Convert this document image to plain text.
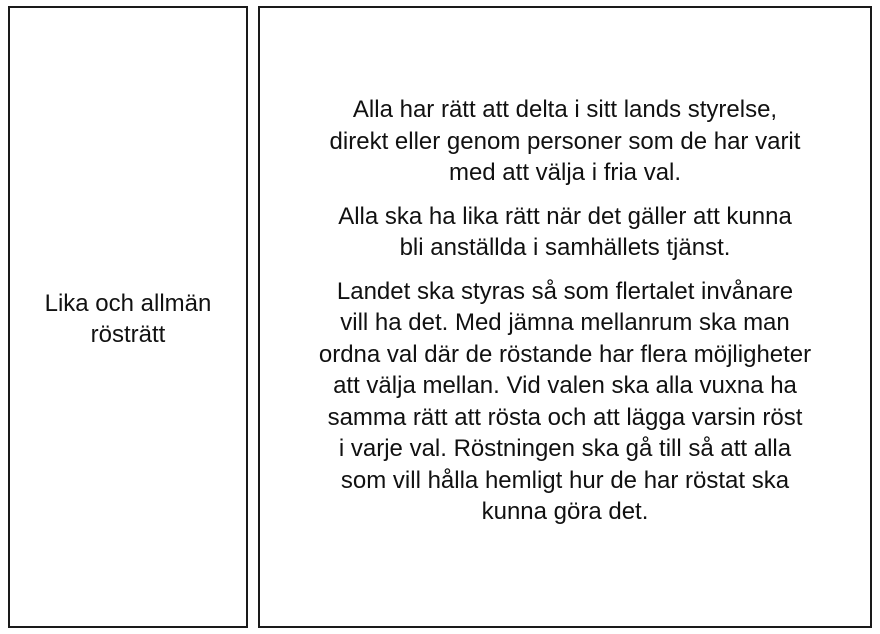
Lika och allmän
rösträtt

Alla har rätt att delta i sitt lands styrelse,
direkt eller genom personer som de har varit
med att välja i fria val.

Alla ska ha lika rätt när det gäller att kunna
bli anställda i samhällets tjänst.

Landet ska styras så som flertalet invånare
vill ha det. Med jämna mellanrum ska man
ordna val där de röstande har flera möjligheter
att välja mellan. Vid valen ska alla vuxna ha
samma rätt att rösta och att lägga varsin röst
i varje val. Röstningen ska gå till så att alla
som vill hålla hemligt hur de har röstat ska
kunna göra det.
